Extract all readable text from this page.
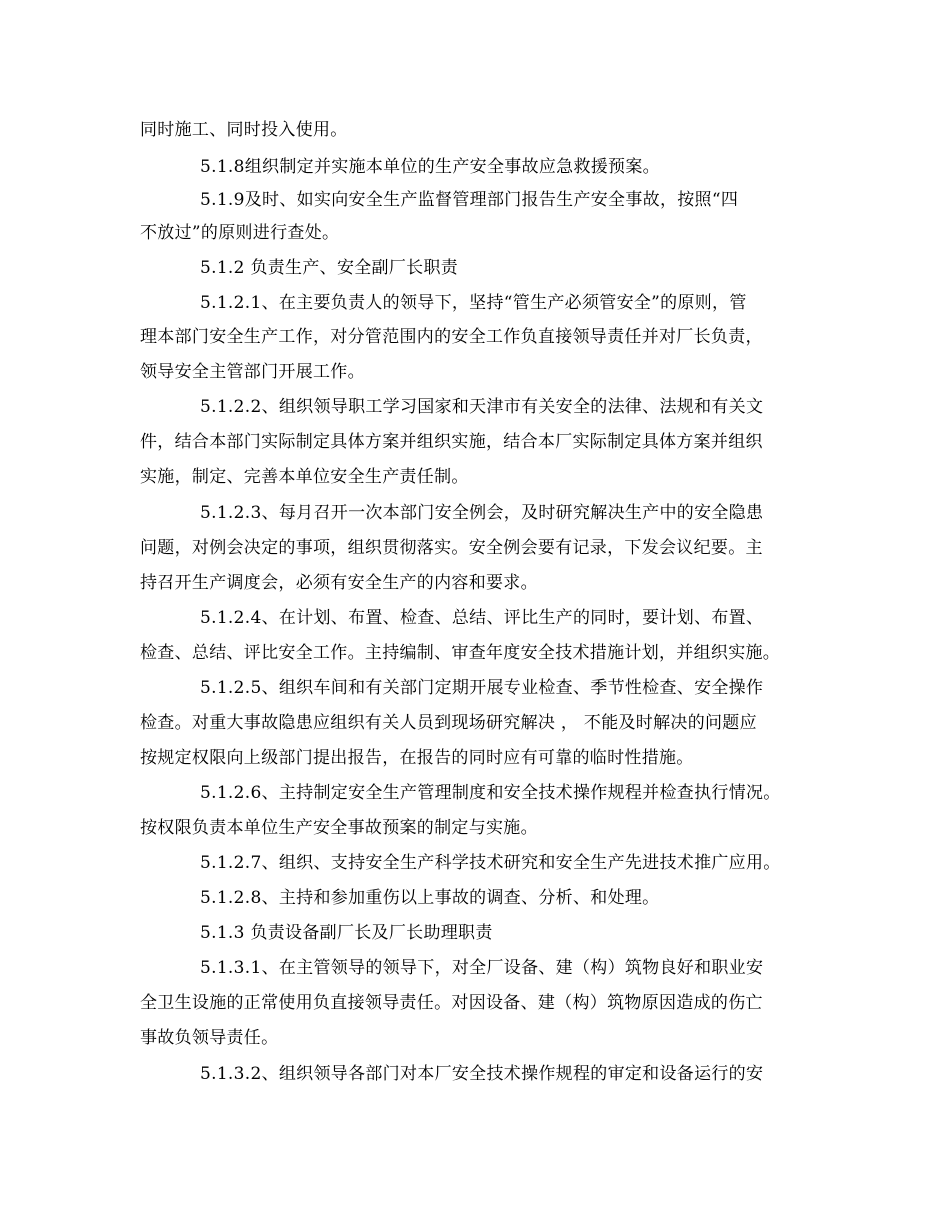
同时施工、同时投入使用。
5.1.8组织制定并实施本单位的生产安全事故应急救援预案。
5.1.9及时、如实向安全生产监督管理部门报告生产安全事故，按照“四
不放过”的原则进行查处。
5.1.2 负责生产、安全副厂长职责
5.1.2.1、在主要负责人的领导下，坚持“管生产必须管安全”的原则，管
理本部门安全生产工作，对分管范围内的安全工作负直接领导责任并对厂长负责，
领导安全主管部门开展工作。
5.1.2.2、组织领导职工学习国家和天津市有关安全的法律、法规和有关文
件，结合本部门实际制定具体方案并组织实施，结合本厂实际制定具体方案并组织
实施，制定、完善本单位安全生产责任制。
5.1.2.3、每月召开一次本部门安全例会，及时研究解决生产中的安全隐患
问题，对例会决定的事项，组织贯彻落实。安全例会要有记录，下发会议纪要。主
持召开生产调度会，必须有安全生产的内容和要求。
5.1.2.4、在计划、布置、检查、总结、评比生产的同时，要计划、布置、
检查、总结、评比安全工作。主持编制、审查年度安全技术措施计划，并组织实施。
5.1.2.5、组织车间和有关部门定期开展专业检查、季节性检查、安全操作
检查。对重大事故隐患应组织有关人员到现场研究解决 ， 不能及时解决的问题应
按规定权限向上级部门提出报告，在报告的同时应有可靠的临时性措施。
5.1.2.6、主持制定安全生产管理制度和安全技术操作规程并检查执行情况。
按权限负责本单位生产安全事故预案的制定与实施。
5.1.2.7、组织、支持安全生产科学技术研究和安全生产先进技术推广应用。
5.1.2.8、主持和参加重伤以上事故的调查、分析、和处理。
5.1.3 负责设备副厂长及厂长助理职责
5.1.3.1、在主管领导的领导下，对全厂设备、建（构）筑物良好和职业安
全卫生设施的正常使用负直接领导责任。对因设备、建（构）筑物原因造成的伤亡
事故负领导责任。
5.1.3.2、组织领导各部门对本厂安全技术操作规程的审定和设备运行的安
